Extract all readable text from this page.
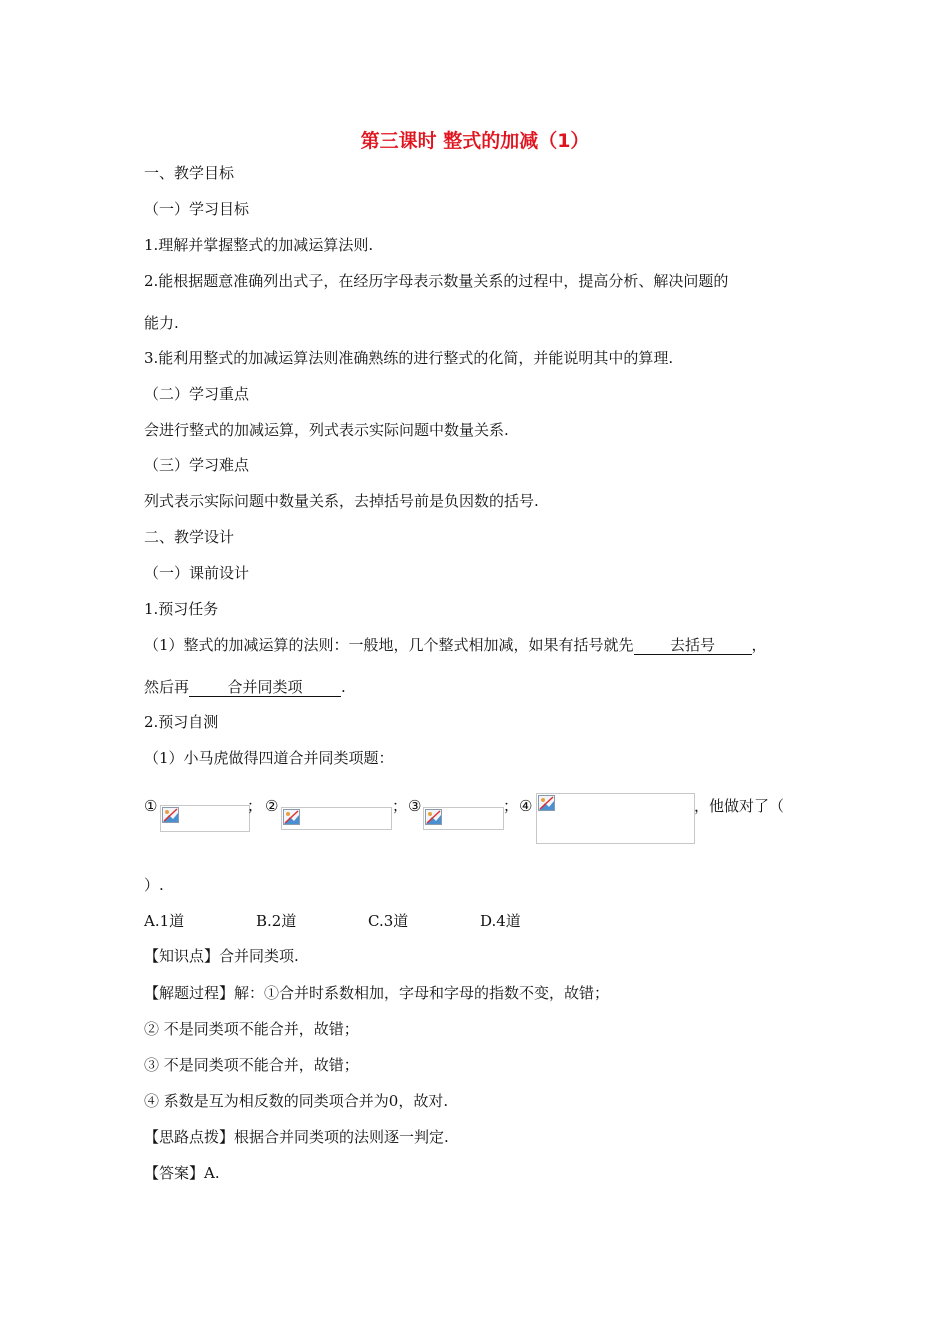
第三课时 整式的加减（1）
一、教学目标
（一）学习目标
1.理解并掌握整式的加减运算法则.
2.能根据题意准确列出式子，在经历字母表示数量关系的过程中，提高分析、解决问题的
能力.
3.能利用整式的加减运算法则准确熟练的进行整式的化简，并能说明其中的算理.
（二）学习重点
会进行整式的加减运算，列式表示实际问题中数量关系.
（三）学习难点
列式表示实际问题中数量关系，去掉括号前是负因数的括号.
二、教学设计
（一）课前设计
1.预习任务
（1）整式的加减运算的法则：一般地，几个整式相加减，如果有括号就先 去括号 ，
然后再	合并同类项	.
2.预习自测
（1）小马虎做得四道合并同类项题：
①	； ②	； ③	； ④	，他做对了（
）.
A.1道	B.2道	C.3道	D.4道
【知识点】合并同类项.
【解题过程】解：①合并时系数相加，字母和字母的指数不变，故错；
② 不是同类项不能合并，故错；
③ 不是同类项不能合并，故错；
④ 系数是互为相反数的同类项合并为0，故对.
【思路点拨】根据合并同类项的法则逐一判定.
【答案】A.
